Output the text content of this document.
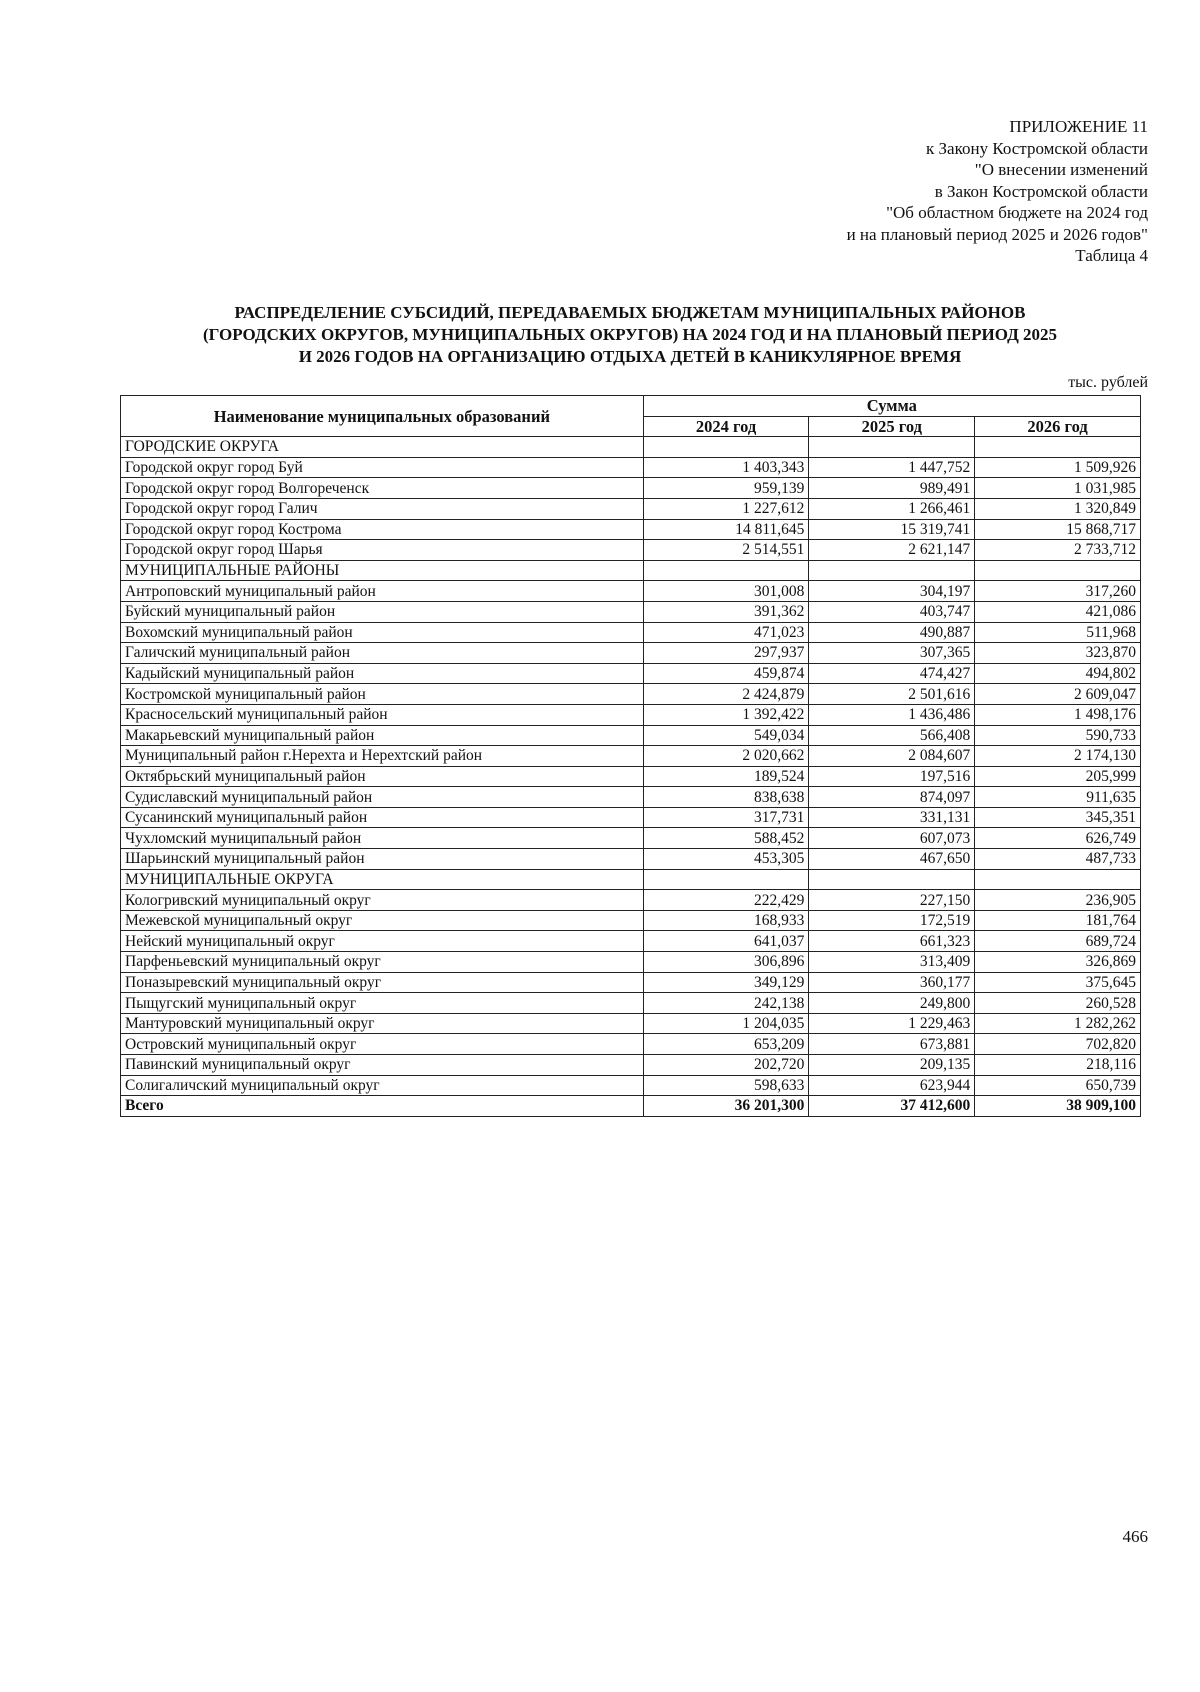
ПРИЛОЖЕНИЕ 11
к Закону Костромской области
"О внесении изменений
в Закон Костромской области
"Об областном бюджете на 2024 год
и на плановый период 2025 и 2026 годов"
Таблица 4
РАСПРЕДЕЛЕНИЕ СУБСИДИЙ, ПЕРЕДАВАЕМЫХ БЮДЖЕТАМ МУНИЦИПАЛЬНЫХ РАЙОНОВ
(ГОРОДСКИХ ОКРУГОВ, МУНИЦИПАЛЬНЫХ ОКРУГОВ) НА 2024 ГОД И НА ПЛАНОВЫЙ ПЕРИОД 2025
И 2026 ГОДОВ НА ОРГАНИЗАЦИЮ ОТДЫХА ДЕТЕЙ В КАНИКУЛЯРНОЕ ВРЕМЯ
тыс. рублей
Наименование муниципальных образований	Сумма		
	2024 год	2025 год	2026 год
ГОРОДСКИЕ ОКРУГА			
Городской округ город Буй	1 403,343	1 447,752	1 509,926
Городской округ город Волгореченск	959,139	989,491	1 031,985
Городской округ город Галич	1 227,612	1 266,461	1 320,849
Городской округ город Кострома	14 811,645	15 319,741	15 868,717
Городской округ город Шарья	2 514,551	2 621,147	2 733,712
МУНИЦИПАЛЬНЫЕ РАЙОНЫ			
Антроповский муниципальный район	301,008	304,197	317,260
Буйский муниципальный район	391,362	403,747	421,086
Вохомский муниципальный район	471,023	490,887	511,968
Галичский муниципальный район	297,937	307,365	323,870
Кадыйский муниципальный район	459,874	474,427	494,802
Костромской муниципальный район	2 424,879	2 501,616	2 609,047
Красносельский муниципальный район	1 392,422	1 436,486	1 498,176
Макарьевский муниципальный район	549,034	566,408	590,733
Муниципальный район г.Нерехта и Нерехтский район	2 020,662	2 084,607	2 174,130
Октябрьский муниципальный район	189,524	197,516	205,999
Судиславский муниципальный район	838,638	874,097	911,635
Сусанинский муниципальный район	317,731	331,131	345,351
Чухломский муниципальный район	588,452	607,073	626,749
Шарьинский муниципальный район	453,305	467,650	487,733
МУНИЦИПАЛЬНЫЕ ОКРУГА			
Кологривский муниципальный округ	222,429	227,150	236,905
Межевской муниципальный округ	168,933	172,519	181,764
Нейский муниципальный округ	641,037	661,323	689,724
Парфеньевский муниципальный округ	306,896	313,409	326,869
Поназыревский муниципальный округ	349,129	360,177	375,645
Пыщугский муниципальный округ	242,138	249,800	260,528
Мантуровский муниципальный округ	1 204,035	1 229,463	1 282,262
Островский муниципальный округ	653,209	673,881	702,820
Павинский муниципальный округ	202,720	209,135	218,116
Солигаличский муниципальный округ	598,633	623,944	650,739
Всего	36 201,300	37 412,600	38 909,100
466
